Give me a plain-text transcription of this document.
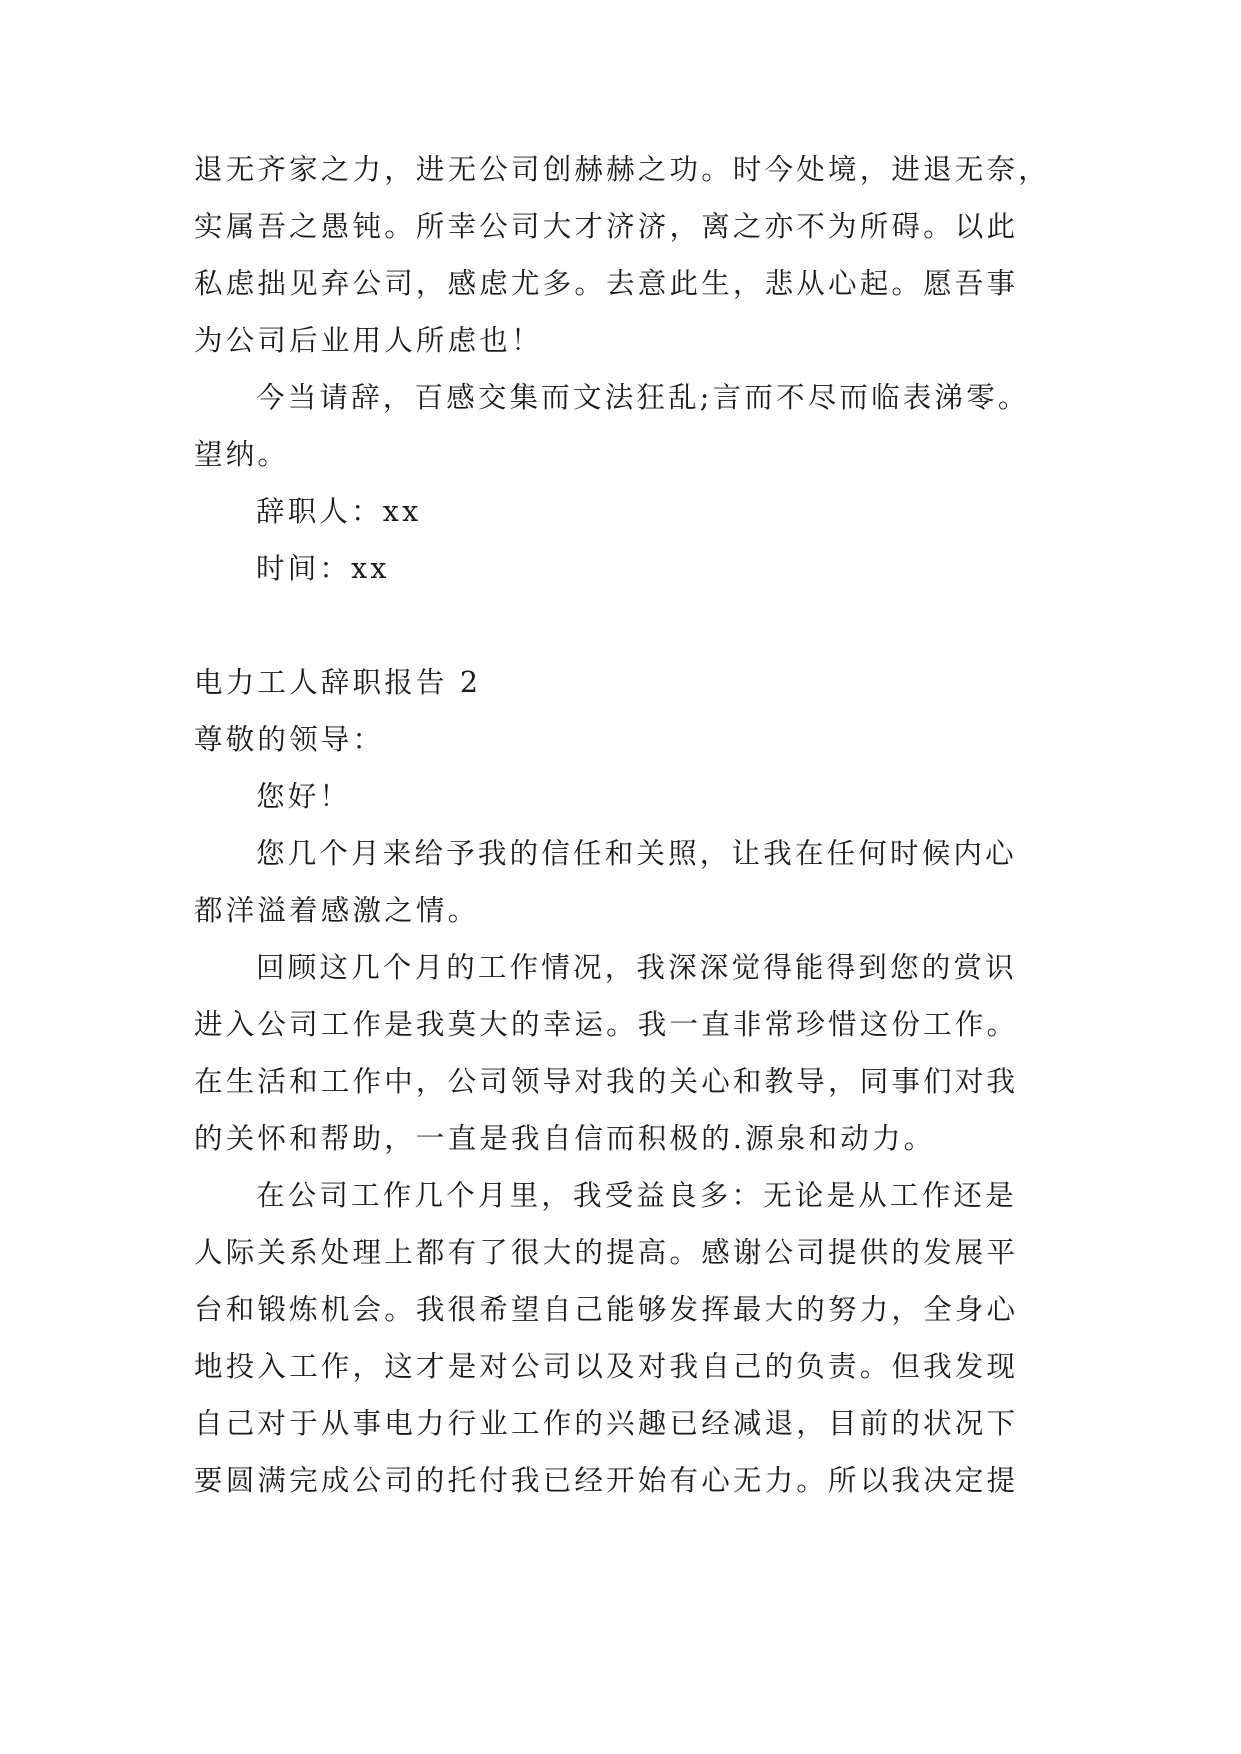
退无齐家之力，进无公司创赫赫之功。时今处境，进退无奈，
实属吾之愚钝。所幸公司大才济济，离之亦不为所碍。以此
私虑拙见弃公司，感虑尤多。去意此生，悲从心起。愿吾事
为公司后业用人所虑也！
今当请辞，百感交集而文法狂乱;言而不尽而临表涕零。
望纳。
辞职人：xx
时间：xx
电力工人辞职报告 2
尊敬的领导：
您好！
您几个月来给予我的信任和关照，让我在任何时候内心
都洋溢着感激之情。
回顾这几个月的工作情况，我深深觉得能得到您的赏识
进入公司工作是我莫大的幸运。我一直非常珍惜这份工作。
在生活和工作中，公司领导对我的关心和教导，同事们对我
的关怀和帮助，一直是我自信而积极的.源泉和动力。
在公司工作几个月里，我受益良多：无论是从工作还是
人际关系处理上都有了很大的提高。感谢公司提供的发展平
台和锻炼机会。我很希望自己能够发挥最大的努力，全身心
地投入工作，这才是对公司以及对我自己的负责。但我发现
自己对于从事电力行业工作的兴趣已经减退，目前的状况下
要圆满完成公司的托付我已经开始有心无力。所以我决定提
